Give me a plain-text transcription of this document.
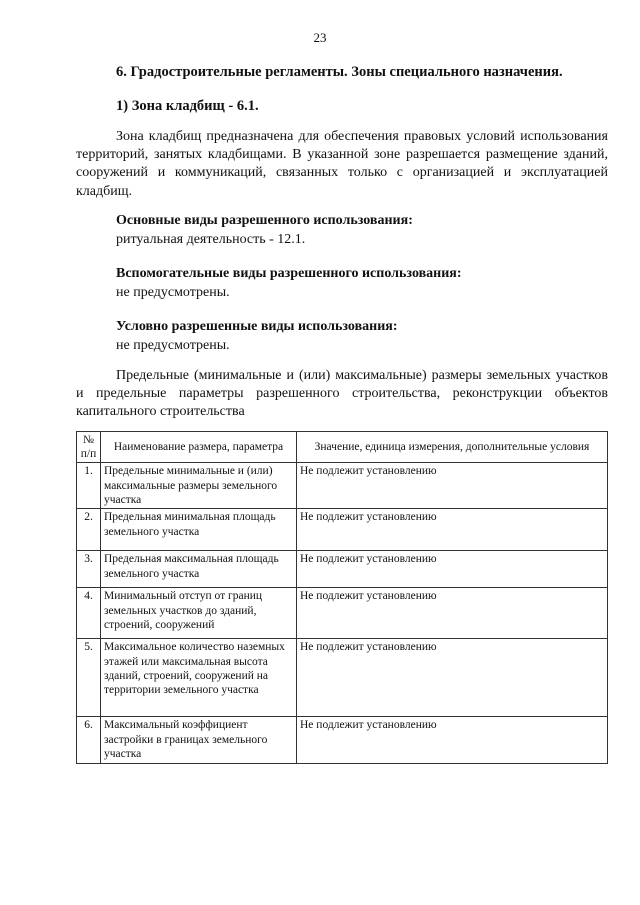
23
6. Градостроительные регламенты. Зоны специального назначения.
1) Зона кладбищ - 6.1.
Зона кладбищ предназначена для обеспечения правовых условий использования территорий, занятых кладбищами. В указанной зоне разрешается размещение зданий, сооружений и коммуникаций, связанных только с организацией и эксплуатацией кладбищ.
Основные виды разрешенного использования:
ритуальная деятельность - 12.1.
Вспомогательные виды разрешенного использования:
не предусмотрены.
Условно разрешенные виды использования:
не предусмотрены.
Предельные (минимальные и (или) максимальные) размеры земельных участков и предельные параметры разрешенного строительства, реконструкции объектов капитального строительства
№ п/п	Наименование размера, параметра	Значение, единица измерения, дополнительные условия
1.	Предельные минимальные и (или) максимальные размеры земельного участка	Не подлежит установлению
2.	Предельная минимальная площадь земельного участка	Не подлежит установлению
3.	Предельная максимальная площадь земельного участка	Не подлежит установлению
4.	Минимальный отступ от границ земельных участков до зданий, строений, сооружений	Не подлежит установлению
5.	Максимальное количество наземных этажей или максимальная высота зданий, строений, сооружений на территории земельного участка	Не подлежит установлению
6.	Максимальный коэффициент застройки в границах земельного участка	Не подлежит установлению
